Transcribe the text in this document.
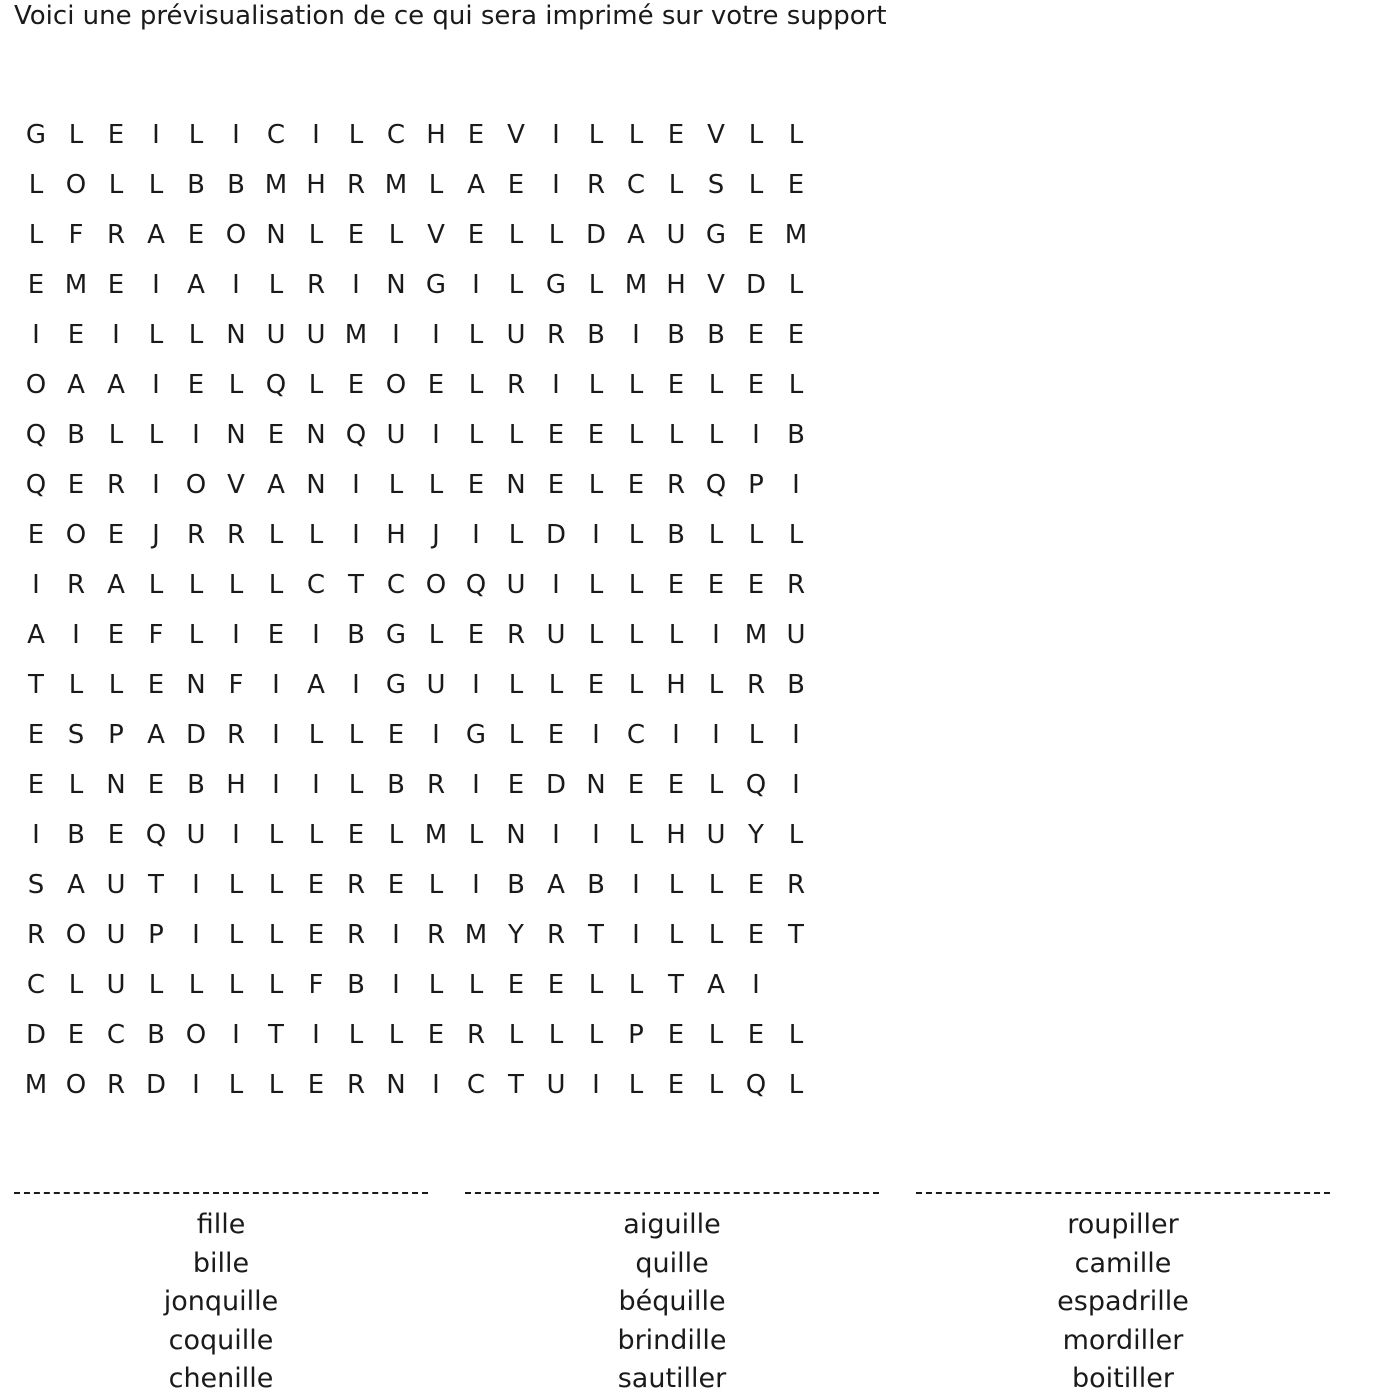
Voici une prévisualisation de ce qui sera imprimé sur votre support
G L E	I	L	I	C	I	L C H E V	I	L L E V L L
L O L L B B M H R M L A E	I	R C L S L E
L F R A E O N L E L V E L L D A U G E M
E M E	I	A	I	L R	I	N G	I	L G L M H V D L
I	E	I	L L N U U M I	I	L U R B	I	B B E E
O A A	I	E L Q L E O E L R	I	L L E L E L
Q B L L	I	N E N Q U	I	L L E E L L L	I	B
Q E R	I O V A N	I	L L E N E L E R Q P	I
E O E	J	R R L L	I	H	J	I	L D	I	L B L L L
I	R A L L L L C T C O Q U	I	L L E E E R
A	I	E F L	I	E	I	B G L E R U L L L	I M U
T L L E N F	I	A	I	G U	I	L L E L H L R B
E S P A D R	I	L L E	I	G L E	I	C	I	I	L	I
E L N E B H	I	I	L B R	I	E D N E E L Q I
I	B E Q U	I	L L E L M L N	I	I	L H U Y L
S A U T	I	L L E R E L	I	B A B	I	L L E R
R O U P	I	L L E R	I	R M Y R T	I	L L E T
C L U L L L L F B	I	L L E E L L T A	I
D E C B O I	T	I	L L E R L L L P E L E L
M O R D	I	L L E R N	I	C T U	I	L E L Q L
fille
bille
jonquille
coquille
chenille
aiguille
quille
béquille
brindille
sautiller
roupiller
camille
espadrille
mordiller
boitiller
